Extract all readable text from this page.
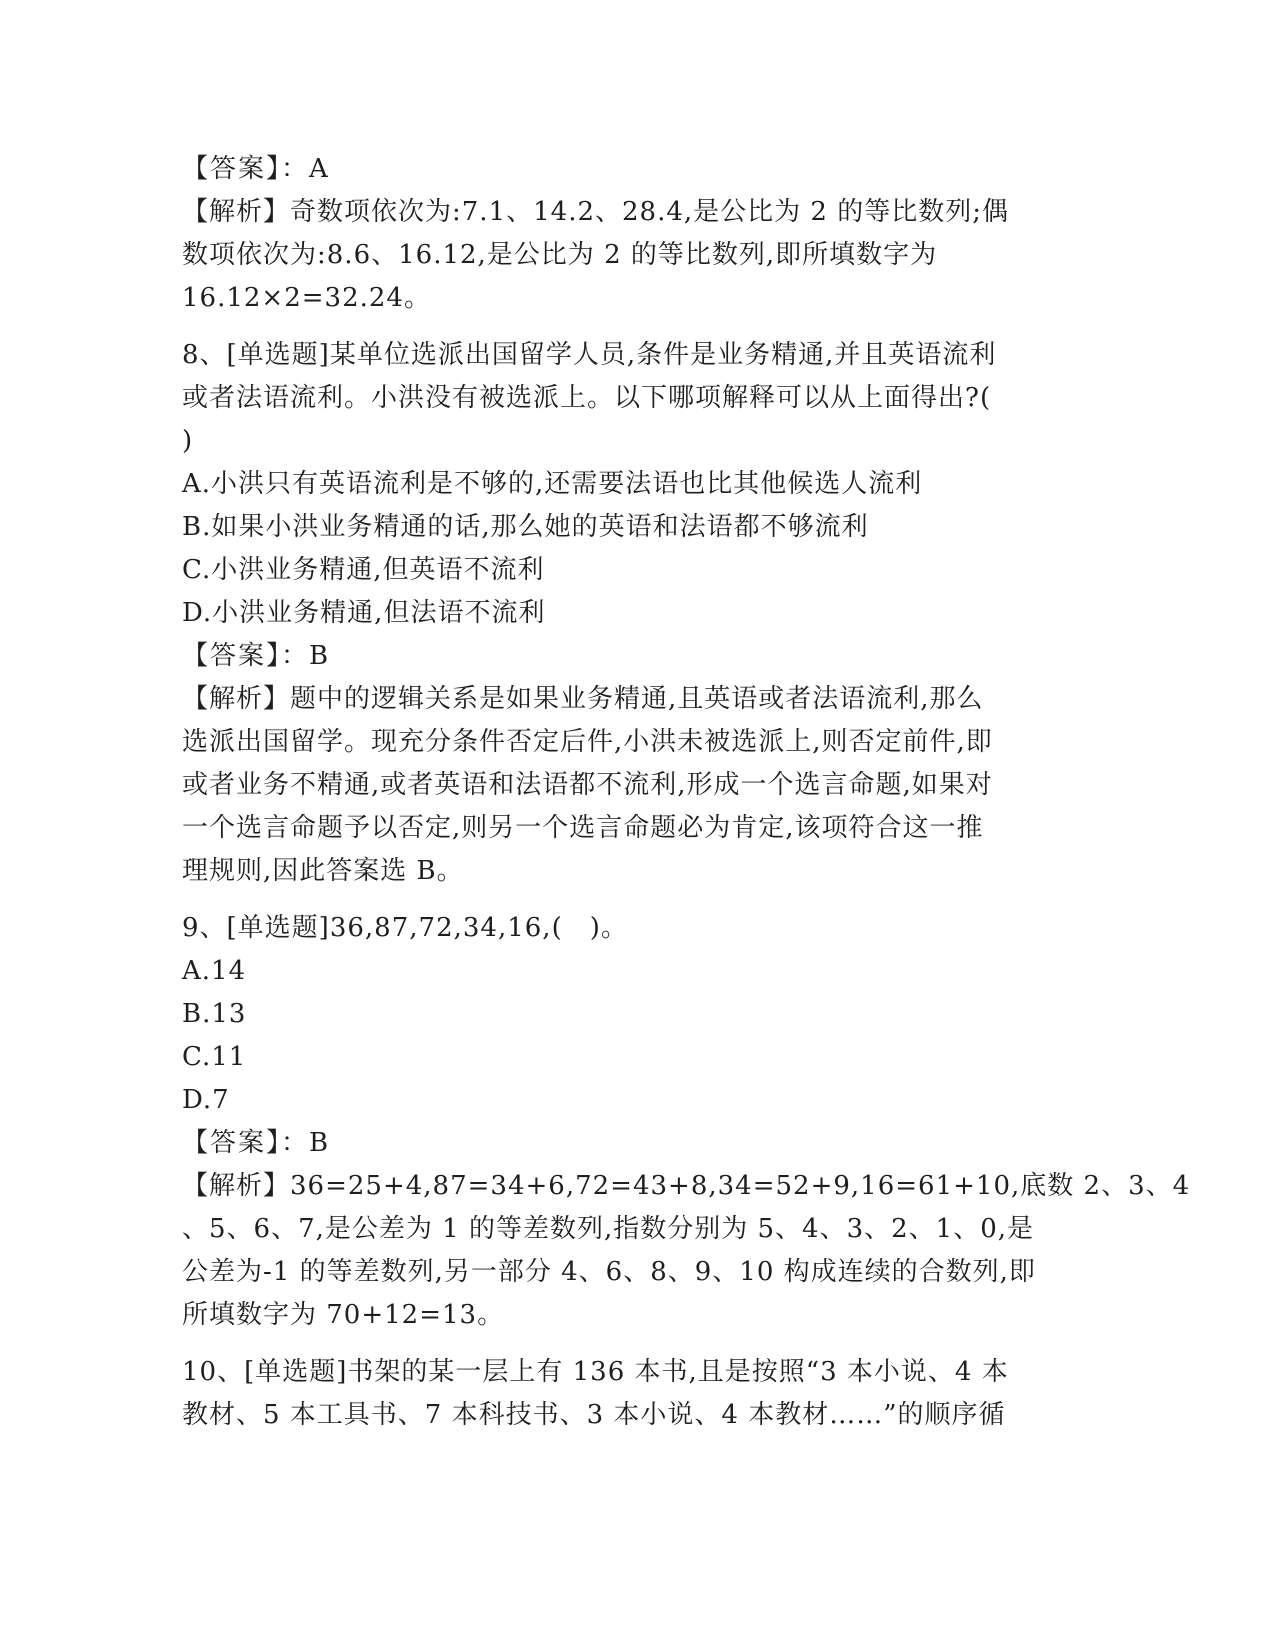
【答案】：A
【解析】奇数项依次为:7.1、14.2、28.4,是公比为 2 的等比数列;偶
数项依次为:8.6、16.12,是公比为 2 的等比数列,即所填数字为
16.12×2=32.24。
8、[单选题]某单位选派出国留学人员,条件是业务精通,并且英语流利
或者法语流利。小洪没有被选派上。以下哪项解释可以从上面得出?(
)
A.小洪只有英语流利是不够的,还需要法语也比其他候选人流利
B.如果小洪业务精通的话,那么她的英语和法语都不够流利
C.小洪业务精通,但英语不流利
D.小洪业务精通,但法语不流利
【答案】：B
【解析】题中的逻辑关系是如果业务精通,且英语或者法语流利,那么
选派出国留学。现充分条件否定后件,小洪未被选派上,则否定前件,即
或者业务不精通,或者英语和法语都不流利,形成一个选言命题,如果对
一个选言命题予以否定,则另一个选言命题必为肯定,该项符合这一推
理规则,因此答案选 B。
9、[单选题]36,87,72,34,16,(　)。
A.14
B.13
C.11
D.7
【答案】：B
【解析】36=25+4,87=34+6,72=43+8,34=52+9,16=61+10,底数 2、3、4
、5、6、7,是公差为 1 的等差数列,指数分别为 5、4、3、2、1、0,是
公差为-1 的等差数列,另一部分 4、6、8、9、10 构成连续的合数列,即
所填数字为 70+12=13。
10、[单选题]书架的某一层上有 136 本书,且是按照“3 本小说、4 本
教材、5 本工具书、7 本科技书、3 本小说、4 本教材……”的顺序循
